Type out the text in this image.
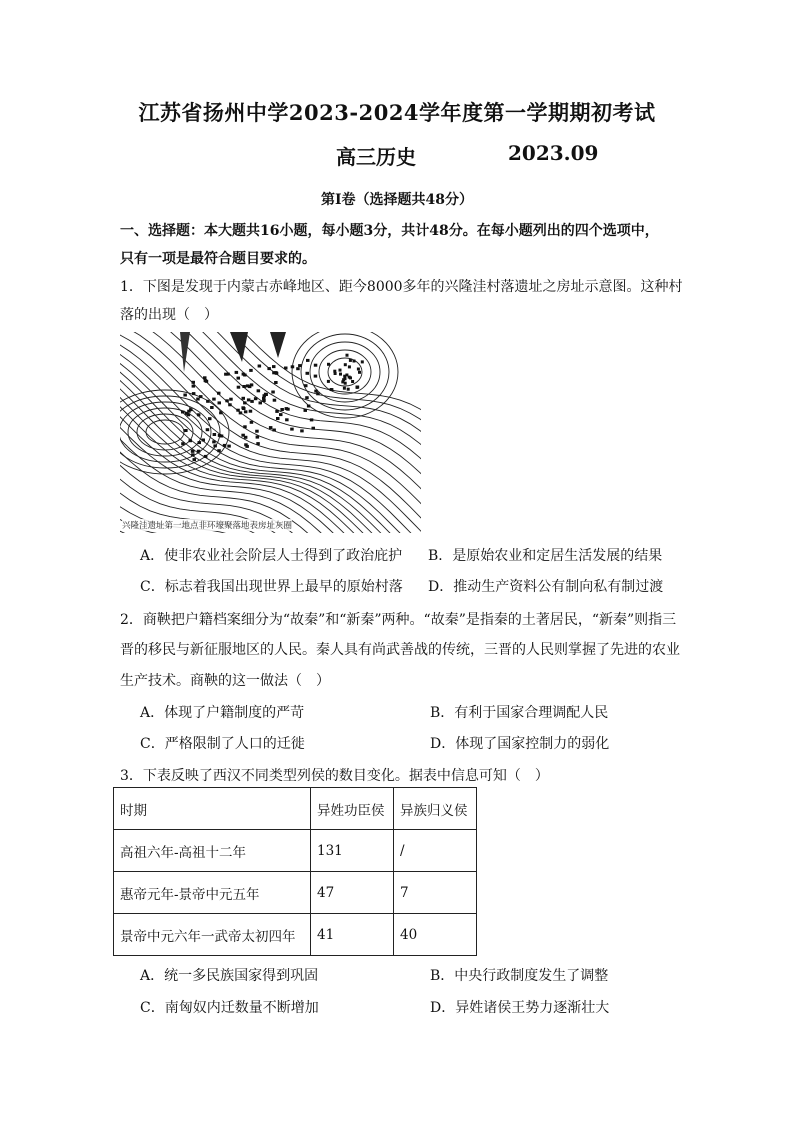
江苏省扬州中学2023-2024学年度第一学期期初考试
高三历史	2023.09
第Ⅰ卷（选择题共48分）
一、选择题：本大题共16小题，每小题3分，共计48分。在每小题列出的四个选项中，
只有一项是最符合题目要求的。
1．下图是发现于内蒙古赤峰地区、距今8000多年的兴隆洼村落遗址之房址示意图。这种村
落的出现（　）
兴隆洼遗址第一地点非环壕聚落地表房址灰圈
A．使非农业社会阶层人士得到了政治庇护 B．是原始农业和定居生活发展的结果
C．标志着我国出现世界上最早的原始村落 D．推动生产资料公有制向私有制过渡
2．商鞅把户籍档案细分为“故秦”和“新秦”两种。“故秦”是指秦的土著居民，“新秦”则指三
晋的移民与新征服地区的人民。秦人具有尚武善战的传统，三晋的人民则掌握了先进的农业
生产技术。商鞅的这一做法（　）
A．体现了户籍制度的严苛	B．有利于国家合理调配人民
C．严格限制了人口的迁徙	D．体现了国家控制力的弱化
3．下表反映了西汉不同类型列侯的数目变化。据表中信息可知（　）
时期	异姓功臣侯	异族归义侯
高祖六年-高祖十二年	131	/
惠帝元年-景帝中元五年	47	7
景帝中元六年一武帝太初四年	41	40
A．统一多民族国家得到巩固	B．中央行政制度发生了调整
C．南匈奴内迁数量不断增加	D．异姓诸侯王势力逐渐壮大
